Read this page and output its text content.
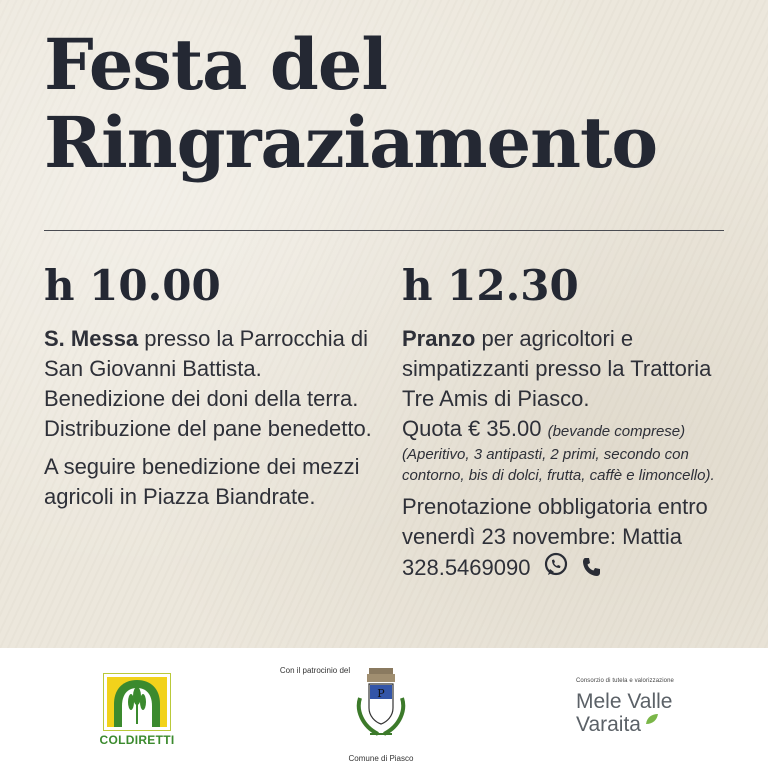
Festa del
Ringraziamento
h 10.00

S. Messa presso la Parrocchia di San Giovanni Battista. Benedizione dei doni della terra. Distribuzione del pane benedetto.

A seguire benedizione dei mezzi agricoli in Piazza Biandrate.

h 12.30

Pranzo per agricoltori e simpatizzanti presso la Trattoria Tre Amis di Piasco.

Quota € 35.00 (bevande comprese)

(Aperitivo, 3 antipasti, 2 primi, secondo con contorno, bis di dolci, frutta, caffè e limoncello).

Prenotazione obbligatoria entro venerdì 23 novembre: Mattia 328.5469090

COLDIRETTI
Con il patrocinio del
P
Comune di Piasco
Consorzio di tutela e valorizzazione
Mele Valle
Varaita
